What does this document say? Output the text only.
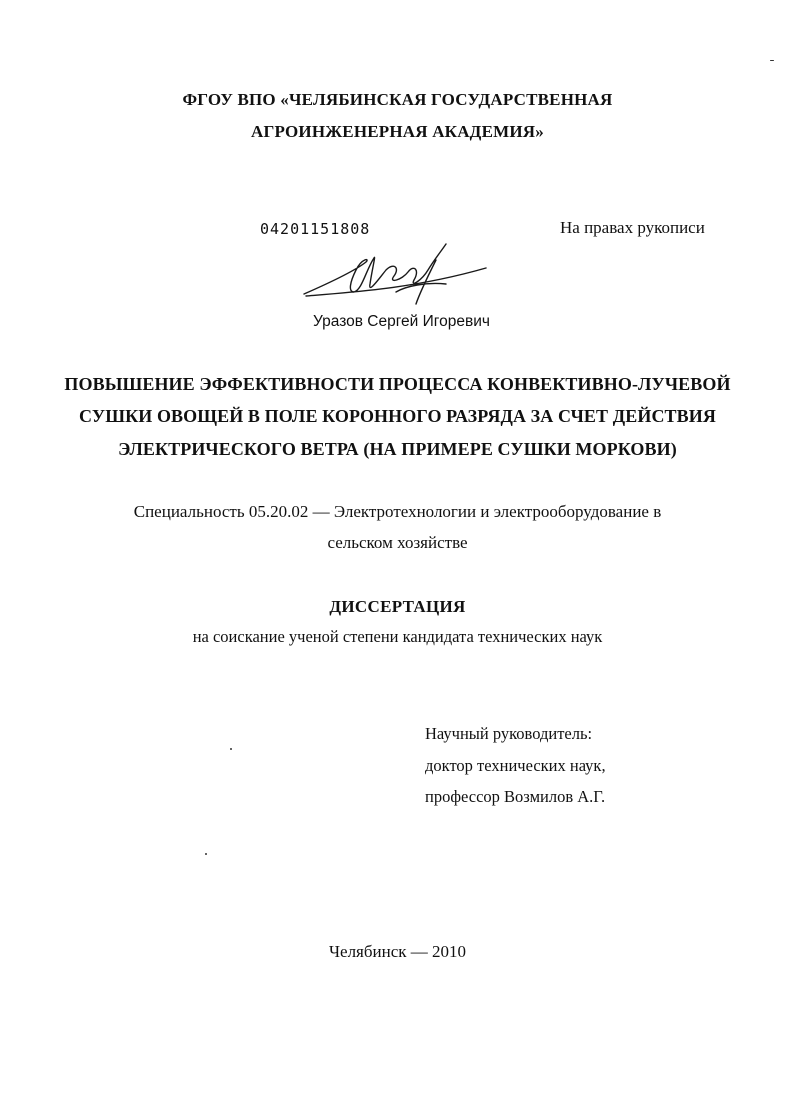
ФГОУ ВПО «ЧЕЛЯБИНСКАЯ ГОСУДАРСТВЕННАЯ
АГРОИНЖЕНЕРНАЯ АКАДЕМИЯ»
04201151808	На правах рукописи
Уразов Сергей Игоревич
ПОВЫШЕНИЕ ЭФФЕКТИВНОСТИ ПРОЦЕССА КОНВЕКТИВНО-ЛУЧЕВОЙ
СУШКИ ОВОЩЕЙ В ПОЛЕ КОРОННОГО РАЗРЯДА ЗА СЧЕТ ДЕЙСТВИЯ
ЭЛЕКТРИЧЕСКОГО ВЕТРА (НА ПРИМЕРЕ СУШКИ МОРКОВИ)
Специальность 05.20.02 — Электротехнологии и электрооборудование в
сельском хозяйстве
ДИССЕРТАЦИЯ
на соискание ученой степени кандидата технических наук
Научный руководитель:
доктор технических наук,
профессор Возмилов А.Г.
Челябинск — 2010
